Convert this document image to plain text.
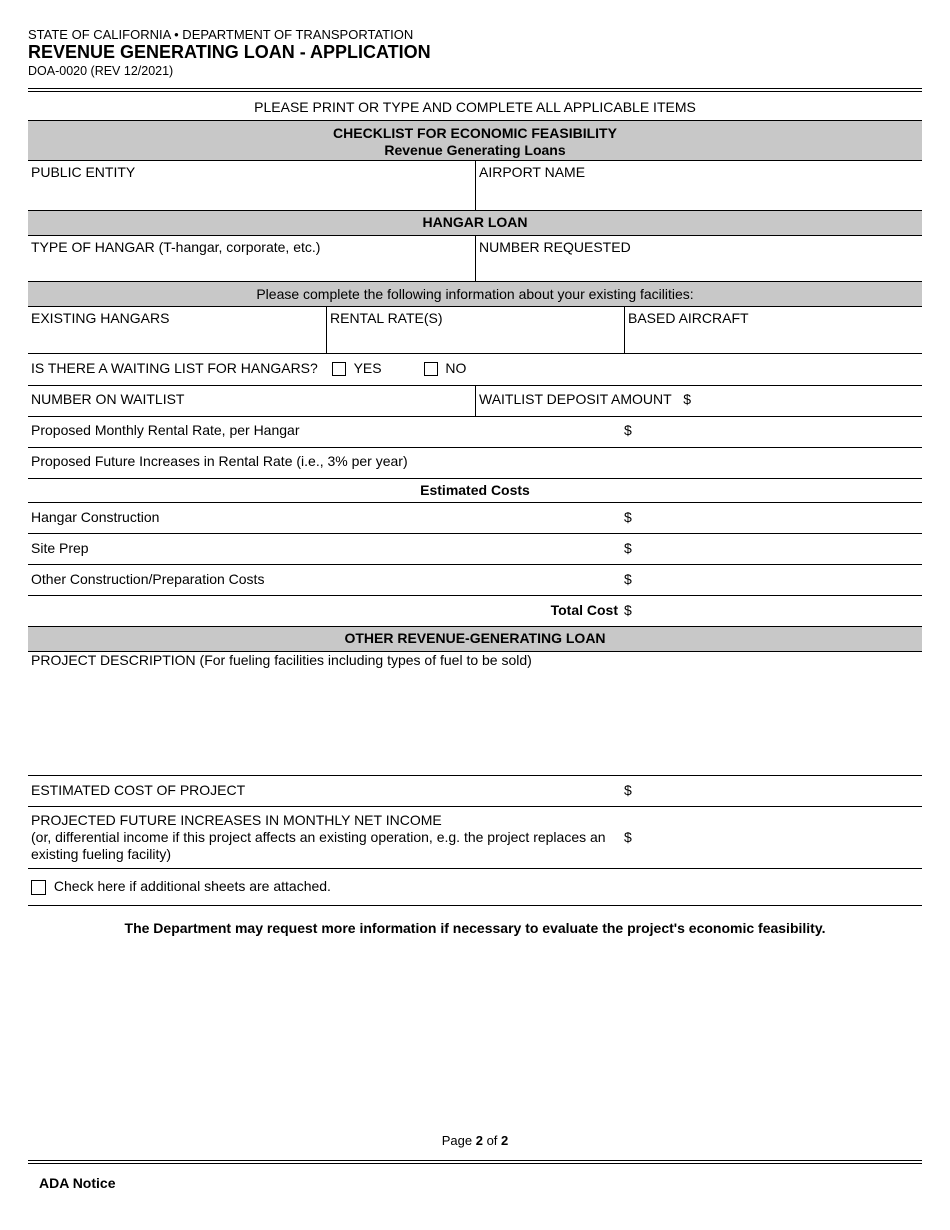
STATE OF CALIFORNIA • DEPARTMENT OF TRANSPORTATION
REVENUE GENERATING LOAN - APPLICATION
DOA-0020 (REV 12/2021)
PLEASE PRINT OR TYPE AND COMPLETE ALL APPLICABLE ITEMS
CHECKLIST FOR ECONOMIC FEASIBILITY
Revenue Generating Loans
PUBLIC ENTITY	AIRPORT NAME
HANGAR LOAN
TYPE OF HANGAR (T-hangar, corporate, etc.)	NUMBER REQUESTED
Please complete the following information about your existing facilities:
EXISTING HANGARS	RENTAL RATE(S)	BASED AIRCRAFT
IS THERE A WAITING LIST FOR HANGARS?	YES	NO
NUMBER ON WAITLIST	WAITLIST DEPOSIT AMOUNT $
Proposed Monthly Rental Rate, per Hangar	$
Proposed Future Increases in Rental Rate (i.e., 3% per year)
Estimated Costs
Hangar Construction	$
Site Prep	$
Other Construction/Preparation Costs	$
Total Cost $
OTHER REVENUE-GENERATING LOAN
PROJECT DESCRIPTION (For fueling facilities including types of fuel to be sold)
ESTIMATED COST OF PROJECT	$
PROJECTED FUTURE INCREASES IN MONTHLY NET INCOME
(or, differential income if this project affects an existing operation, e.g. the project replaces an existing fueling facility)
$
Check here if additional sheets are attached.
The Department may request more information if necessary to evaluate the project's economic feasibility.
Page 2 of 2
ADA Notice
